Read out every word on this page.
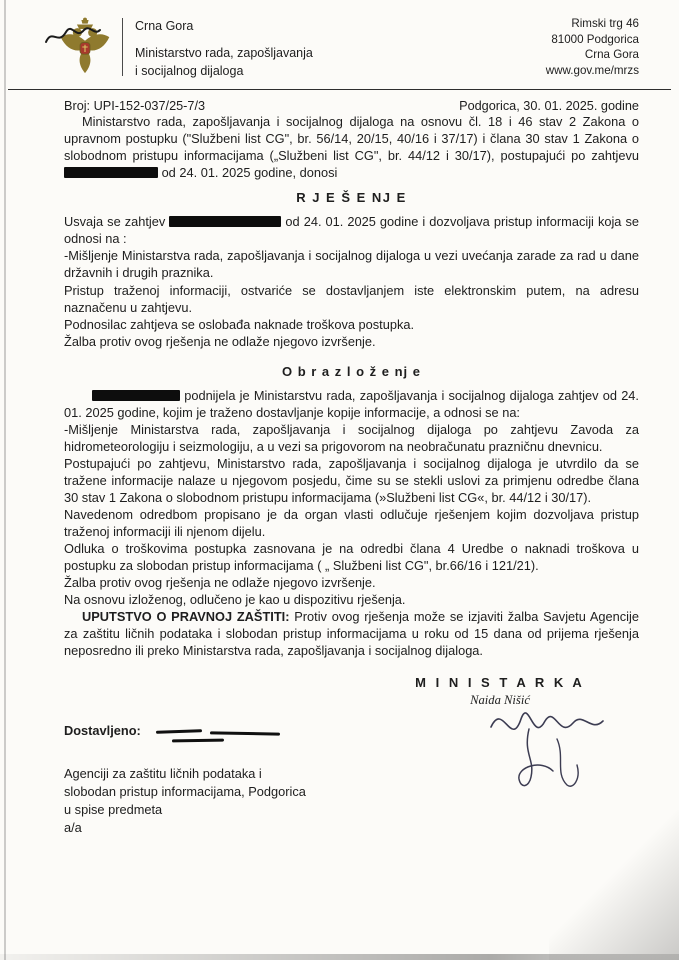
Crna Gora
Ministarstvo rada, zapošljavanja
i socijalnog dijaloga
Rimski trg 46
81000 Podgorica
Crna Gora
www.gov.me/mrzs
Broj: UPI-152-037/25-7/3	Podgorica, 30. 01. 2025. godine

Ministarstvo rada, zapošljavanja i socijalnog dijaloga na osnovu čl. 18 i 46 stav 2 Zakona o upravnom postupku ("Službeni list CG", br. 56/14, 20/15, 40/16 i 37/17) i člana 30 stav 1 Zakona o slobodnom pristupu informacijama („Službeni list CG", br. 44/12 i 30/17), postupajući po zahtjevu  od 24. 01. 2025 godine, donosi

R J E Š E NJ E

Usvaja se zahtjev	od 24. 01. 2025 godine i dozvoljava pristup informaciji koja se odnosi na :

-Mišljenje Ministarstva rada, zapošljavanja i socijalnog dijaloga u vezi uvećanja zarade za rad u dane državnih i drugih praznika.

Pristup traženoj informaciji, ostvariće se dostavljanjem iste elektronskim putem, na adresu naznačenu u zahtjevu.

Podnosilac zahtjeva se oslobađa naknade troškova postupka.

Žalba protiv ovog rješenja ne odlaže njegovo izvršenje.

O b r a z l o ž e nj e

podnijela je Ministarstvu rada, zapošljavanja i socijalnog dijaloga zahtjev od 24. 01. 2025 godine, kojim je traženo dostavljanje kopije informacije, a odnosi se na:

-Mišljenje Ministarstva rada, zapošljavanja i socijalnog dijaloga po zahtjevu Zavoda za hidrometeorologiju i seizmologiju, a u vezi sa prigovorom na neobračunatu prazničnu dnevnicu.

Postupajući po zahtjevu, Ministarstvo rada, zapošljavanja i socijalnog dijaloga je utvrdilo da se tražene informacije nalaze u njegovom posjedu, čime su se stekli uslovi za primjenu odredbe člana 30 stav 1 Zakona o slobodnom pristupu informacijama (»Službeni list CG«, br. 44/12 i 30/17).

Navedenom odredbom propisano je da organ vlasti odlučuje rješenjem kojim dozvoljava pristup traženoj informaciji ili njenom dijelu.

Odluka o troškovima postupka zasnovana je na odredbi člana 4 Uredbe o naknadi troškova u postupku za slobodan pristup informacijama ( „ Službeni list CG", br.66/16 i 121/21).

Žalba protiv ovog rješenja ne odlaže njegovo izvršenje.

Na osnovu izloženog, odlučeno je kao u dispozitivu rješenja.

UPUTSTVO O PRAVNOJ ZAŠTITI: Protiv ovog rješenja može se izjaviti žalba Savjetu Agencije za zaštitu ličnih podataka i slobodan pristup informacijama u roku od 15 dana od prijema rješenja neposredno ili preko Ministarstva rada, zapošljavanja i socijalnog dijaloga.

M I N I S T A R K A
Naida Nišić
Dostavljeno:
Agenciji za zaštitu ličnih podataka i
slobodan pristup informacijama, Podgorica
u spise predmeta
a/a
